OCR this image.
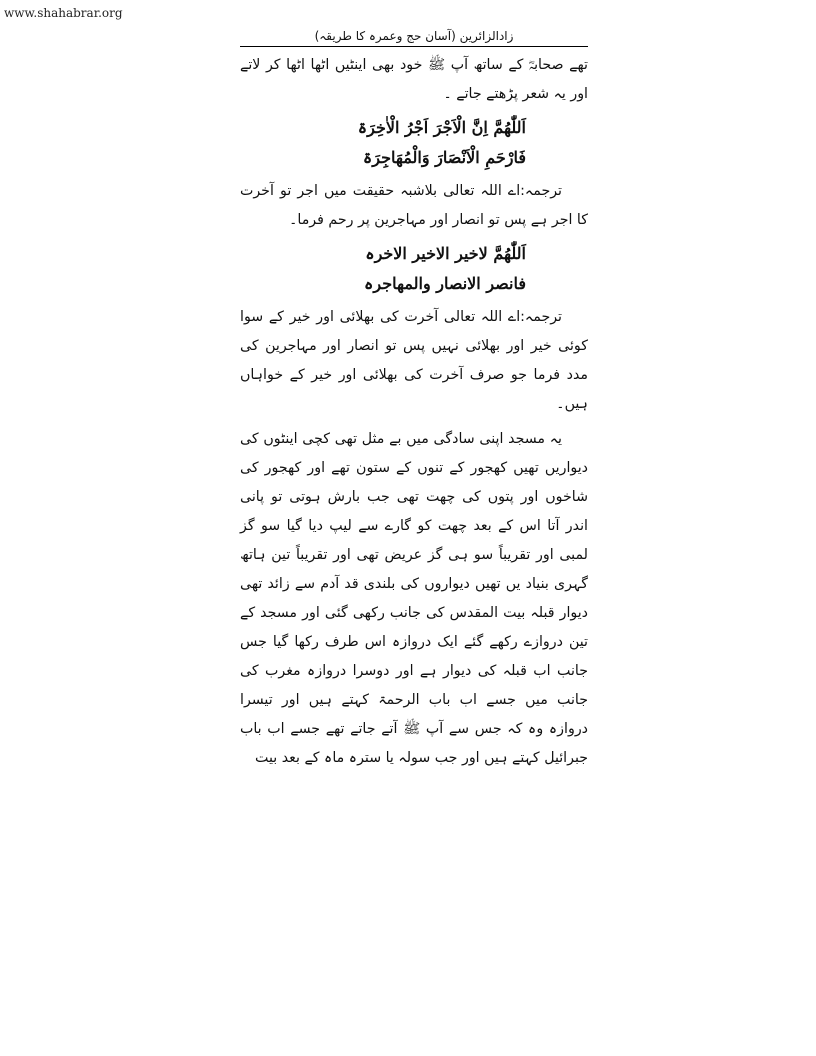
www.shahabrar.org
زادالزائرین (آسان حج وعمرہ کا طریقہ)

تھے صحابہؓ کے ساتھ آپ ﷺ خود بھی اینٹیں اٹھا اٹھا کر لاتے اور یہ شعر پڑھتے جاتے ۔

اَللّٰھُمَّ اِنَّ الْاَجْرَ اَجْرُ الْاٰخِرَۃ

فَارْحَمِ الْاَنْصَارَ وَالْمُھَاجِرَۃ

ترجمہ:اے اللہ تعالی بلاشبہ حقیقت میں اجر تو آخرت کا اجر ہے پس تو انصار اور مہاجرین پر رحم فرما۔

اَللّٰھُمَّ لاخیر الاخیر الاخرہ

فانصر الانصار والمھاجرہ

ترجمہ:اے اللہ تعالی آخرت کی بھلائی اور خیر کے سوا کوئی خیر اور بھلائی نہیں پس تو انصار اور مہاجرین کی مدد فرما جو صرف آخرت کی بھلائی اور خیر کے خواہاں ہیں۔

یہ مسجد اپنی سادگی میں بے مثل تھی کچی اینٹوں کی دیواریں تھیں کھجور کے تنوں کے ستون تھے اور کھجور کی شاخوں اور پتوں کی چھت تھی جب بارش ہوتی تو پانی اندر آتا اس کے بعد چھت کو گارے سے لیپ دیا گیا سو گز لمبی اور تقریباً سو ہی گز عریض تھی اور تقریباً تین ہاتھ گہری بنیاد یں تھیں دیواروں کی بلندی قد آدم سے زائد تھی دیوار قبلہ بیت المقدس کی جانب رکھی گئی اور مسجد کے تین دروازے رکھے گئے ایک دروازہ اس طرف رکھا گیا جس جانب اب قبلہ کی دیوار ہے اور دوسرا دروازہ مغرب کی جانب میں جسے اب باب الرحمۃ کہتے ہیں اور تیسرا دروازہ وہ کہ جس سے آپ ﷺ آتے جاتے تھے جسے اب باب جبرائیل کہتے ہیں اور جب سولہ یا سترہ ماہ کے بعد بیت
